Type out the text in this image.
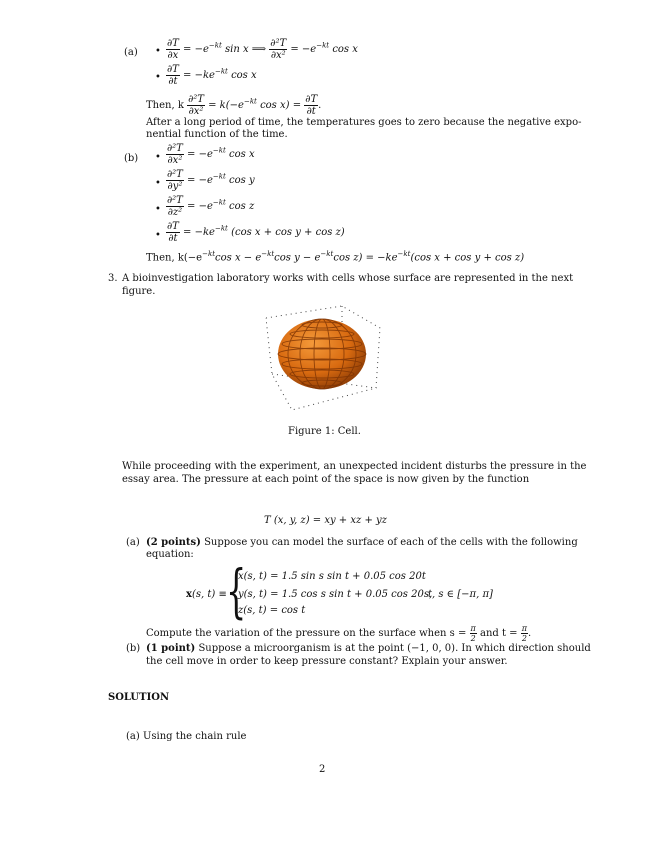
(a) • $\frac{\partial T}{\partial x} = -e^{-kt}$ sin x ⟹ $\frac{\text{∂²T}}{\text{∂x²}} = -e^{-kt}$ cos x
• $\frac{\partial T}{\partial t} = -ke^{-kt}$ cos x
Then, k $\frac{\text{∂²T}}{\text{∂x²}} = k(-e^{-kt}$ $\cos x) = \frac{\partial T}{\partial t}$ .
After a long period of time, the temperatures goes to zero because the negative expo-
nential function of the time.
(b) • $\frac{\text{∂²T}}{\text{∂x²}} = -e^{-kt}$ cos x
• $\frac{\text{∂²T}}{\text{∂y²}} = -e^{-kt}$ cos y
• $\frac{\text{∂²T}}{\text{∂z²}} = -e^{-kt}$ cos z
• $\frac{\partial T}{\partial t} = -ke^{-kt}$ (cos x + cos y + cos z)
Then, $k(-e^{-kt}\cos$ $x - e^{-kt}\cos$ $y - e^{-kt}\cos$ $z) = -ke^{-kt}(\cos$ x + cos y + cos z)
3. A bioinvestigation laboratory works with cells whose surface are represented in the next
figure.
Figure 1: Cell.
While proceeding with the experiment, an unexpected incident disturbs the pressure in the
essay area. The pressure at each point of the space is now given by the function
T (x, y, z) = xy + xz + yz
(a) (2 points) Suppose you can model the surface of each of the cells with the following
equation:
x(s, t) ≡ {
x(s, t) = 1.5 sin s sin t + 0.05 cos 20t
y(s, t) = 1.5 cos s sin t + 0.05 cos 20s,
z(s, t) = cos t
t, s ∈ [−π, π]
Compute the variation of the pressure on the surface when $s = \frac{\pi}{2}$ and $t = \frac{\pi}{2}$ .
(b) (1 point) Suppose a microorganism is at the point (−1, 0, 0). In which direction should
the cell move in order to keep pressure constant? Explain your answer.
SOLUTION
(a) Using the chain rule
2
